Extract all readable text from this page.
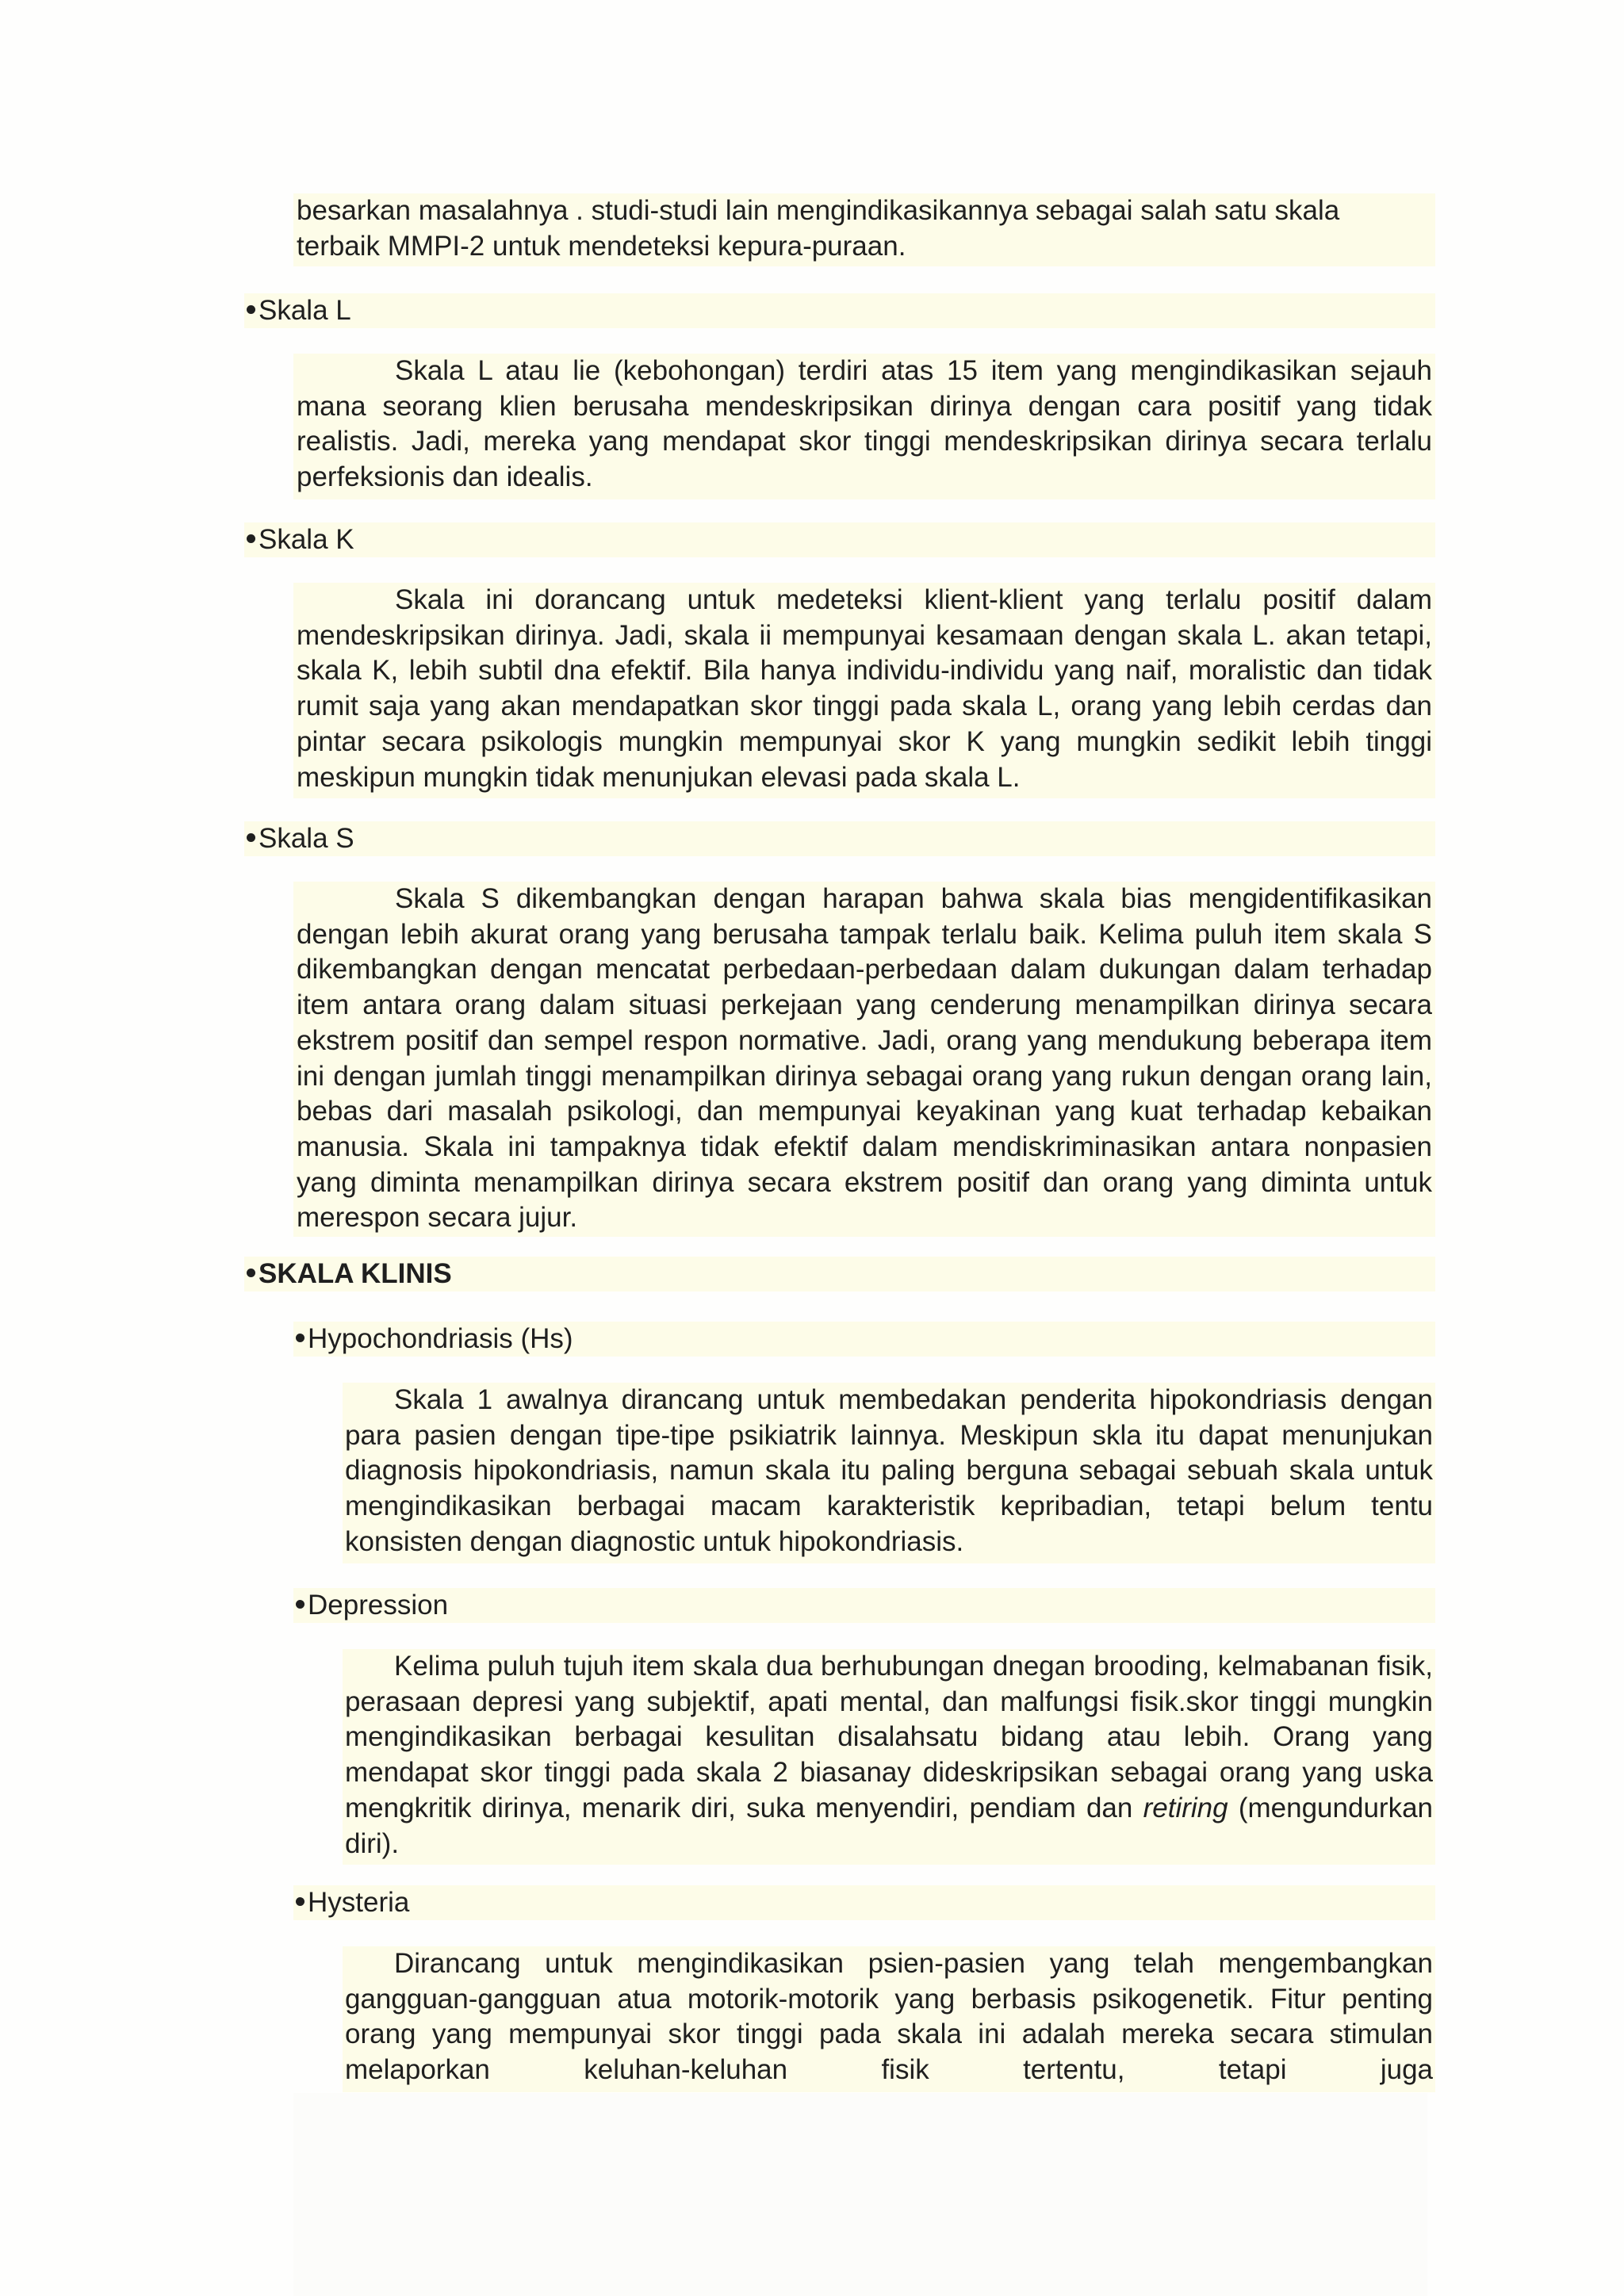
besarkan masalahnya . studi-studi lain mengindikasikannya sebagai salah satu skala
terbaik MMPI-2 untuk mendeteksi kepura-puraan.

Skala L

Skala L atau lie (kebohongan) terdiri atas 15 item yang mengindikasikan sejauh mana seorang klien berusaha mendeskripsikan dirinya dengan cara positif yang tidak realistis. Jadi, mereka yang mendapat skor tinggi mendeskripsikan dirinya secara terlalu perfeksionis dan idealis.

Skala K

Skala ini dorancang untuk medeteksi klient-klient yang terlalu positif dalam mendeskripsikan dirinya. Jadi, skala ii mempunyai kesamaan dengan skala L. akan tetapi, skala K, lebih subtil dna efektif. Bila hanya individu-individu yang naif, moralistic dan tidak rumit saja yang akan mendapatkan skor tinggi pada skala L, orang yang lebih cerdas dan pintar secara psikologis mungkin mempunyai skor K yang mungkin sedikit lebih tinggi meskipun mungkin tidak menunjukan elevasi pada skala L.

Skala S

Skala S dikembangkan dengan harapan bahwa skala bias mengidentifikasikan dengan lebih akurat orang yang berusaha tampak terlalu baik. Kelima puluh item skala S dikembangkan dengan mencatat perbedaan-perbedaan dalam dukungan dalam terhadap item antara orang dalam situasi perkejaan yang cenderung menampilkan dirinya secara ekstrem positif dan sempel respon normative. Jadi, orang yang mendukung beberapa item ini dengan jumlah tinggi menampilkan dirinya sebagai orang yang rukun dengan orang lain, bebas dari masalah psikologi, dan mempunyai keyakinan yang kuat terhadap kebaikan manusia. Skala ini tampaknya tidak efektif dalam mendiskriminasikan antara nonpasien yang diminta menampilkan dirinya secara ekstrem positif dan orang yang diminta untuk merespon secara jujur.

SKALA KLINIS
Hypochondriasis (Hs)

Skala 1 awalnya dirancang untuk membedakan penderita hipokondriasis dengan para pasien dengan tipe-tipe psikiatrik lainnya. Meskipun skla itu dapat menunjukan diagnosis hipokondriasis, namun skala itu paling berguna sebagai sebuah skala untuk mengindikasikan berbagai macam karakteristik kepribadian, tetapi belum tentu konsisten dengan diagnostic untuk hipokondriasis.

Depression

Kelima puluh tujuh item skala dua berhubungan dnegan brooding, kelmabanan fisik, perasaan depresi yang subjektif, apati mental, dan malfungsi fisik.skor tinggi mungkin mengindikasikan berbagai kesulitan disalahsatu bidang atau lebih. Orang yang mendapat skor tinggi pada skala 2 biasanay dideskripsikan sebagai orang yang uska mengkritik dirinya, menarik diri, suka menyendiri, pendiam dan retiring (mengundurkan diri).

Hysteria

Dirancang untuk mengindikasikan psien-pasien yang telah mengembangkan gangguan-gangguan atua motorik-motorik yang berbasis psikogenetik. Fitur penting orang yang mempunyai skor tinggi pada skala ini adalah mereka secara stimulan melaporkan keluhan-keluhan fisik tertentu, tetapi juga
